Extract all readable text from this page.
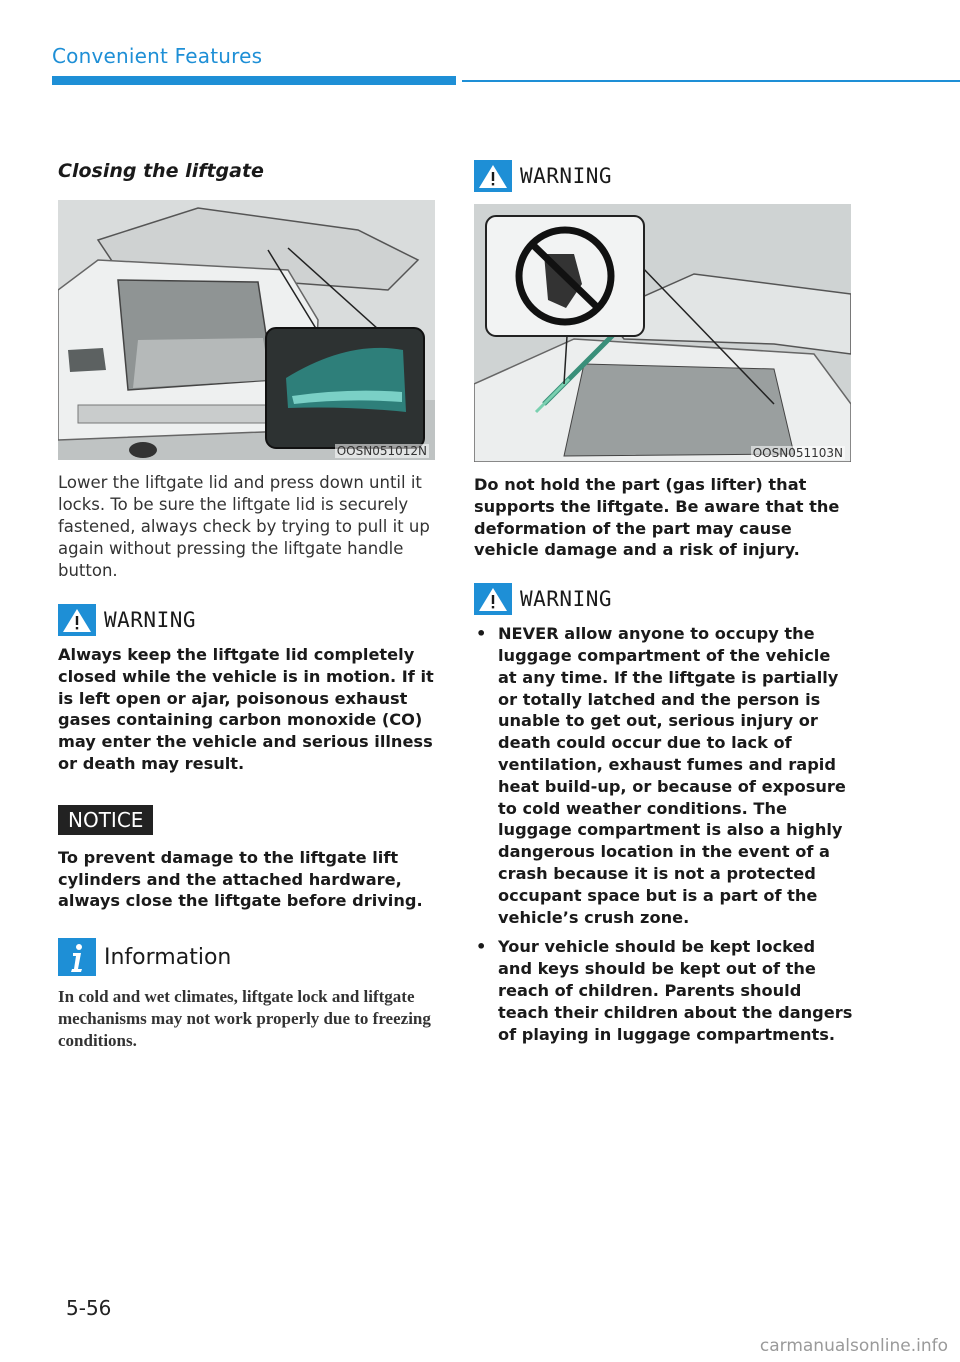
Convenient Features
Closing the liftgate
OOSN051012N

Lower the liftgate lid and press down until it locks. To be sure the liftgate lid is securely fastened, always check by trying to pull it up again without pressing the liftgate handle button.

WARNING

Always keep the liftgate lid completely closed while the vehicle is in motion. If it is left open or ajar, poisonous exhaust gases containing carbon monoxide (CO) may enter the vehicle and serious illness or death may result.

NOTICE

To prevent damage to the liftgate lift cylinders and the attached hardware, always close the liftgate before driving.

Information

In cold and wet climates, liftgate lock and liftgate mechanisms may not work properly due to freezing conditions.

WARNING
OOSN051103N

Do not hold the part (gas lifter) that supports the liftgate. Be aware that the deformation of the part may cause vehicle damage and a risk of injury.

WARNING
• NEVER allow anyone to occupy the luggage compartment of the vehicle at any time. If the liftgate is partially or totally latched and the person is unable to get out, serious injury or death could occur due to lack of ventilation, exhaust fumes and rapid heat build-up, or because of exposure to cold weather conditions. The luggage compartment is also a highly dangerous location in the event of a crash because it is not a protected occupant space but is a part of the vehicle’s crush zone.
• Your vehicle should be kept locked and keys should be kept out of the reach of children. Parents should teach their children about the dangers of playing in luggage compartments.
5-56
carmanualsonline.info
